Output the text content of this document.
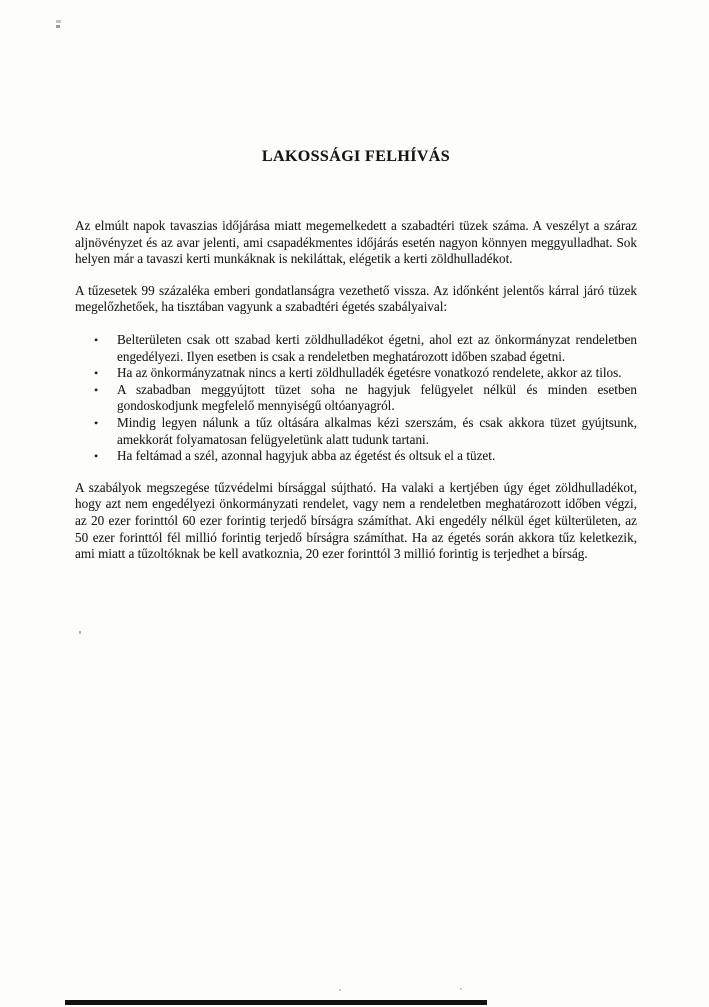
LAKOSSÁGI FELHÍVÁS

Az elmúlt napok tavaszias időjárása miatt megemelkedett a szabadtéri tüzek száma. A veszélyt a száraz aljnövényzet és az avar jelenti, ami csapadékmentes időjárás esetén nagyon könnyen meggyulladhat. Sok helyen már a tavaszi kerti munkáknak is nekiláttak, elégetik a kerti zöldhulladékot.

A tűzesetek 99 százaléka emberi gondatlanságra vezethető vissza. Az időnként jelentős kárral járó tüzek megelőzhetőek, ha tisztában vagyunk a szabadtéri égetés szabályaival:

• Belterületen csak ott szabad kerti zöldhulladékot égetni, ahol ezt az önkormányzat rendeletben engedélyezi. Ilyen esetben is csak a rendeletben meghatározott időben szabad égetni.
• Ha az önkormányzatnak nincs a kerti zöldhulladék égetésre vonatkozó rendelete, akkor az tilos.
• A szabadban meggyújtott tüzet soha ne hagyjuk felügyelet nélkül és minden esetben gondoskodjunk megfelelő mennyiségű oltóanyagról.
• Mindig legyen nálunk a tűz oltására alkalmas kézi szerszám, és csak akkora tüzet gyújtsunk, amekkorát folyamatosan felügyeletünk alatt tudunk tartani.
• Ha feltámad a szél, azonnal hagyjuk abba az égetést és oltsuk el a tüzet.

A szabályok megszegése tűzvédelmi bírsággal sújtható. Ha valaki a kertjében úgy éget zöldhulladékot, hogy azt nem engedélyezi önkormányzati rendelet, vagy nem a rendeletben meghatározott időben végzi, az 20 ezer forinttól 60 ezer forintig terjedő bírságra számíthat. Aki engedély nélkül éget külterületen, az 50 ezer forinttól fél millió forintig terjedő bírságra számíthat. Ha az égetés során akkora tűz keletkezik, ami miatt a tűzoltóknak be kell avatkoznia, 20 ezer forinttól 3 millió forintig is terjedhet a bírság.
